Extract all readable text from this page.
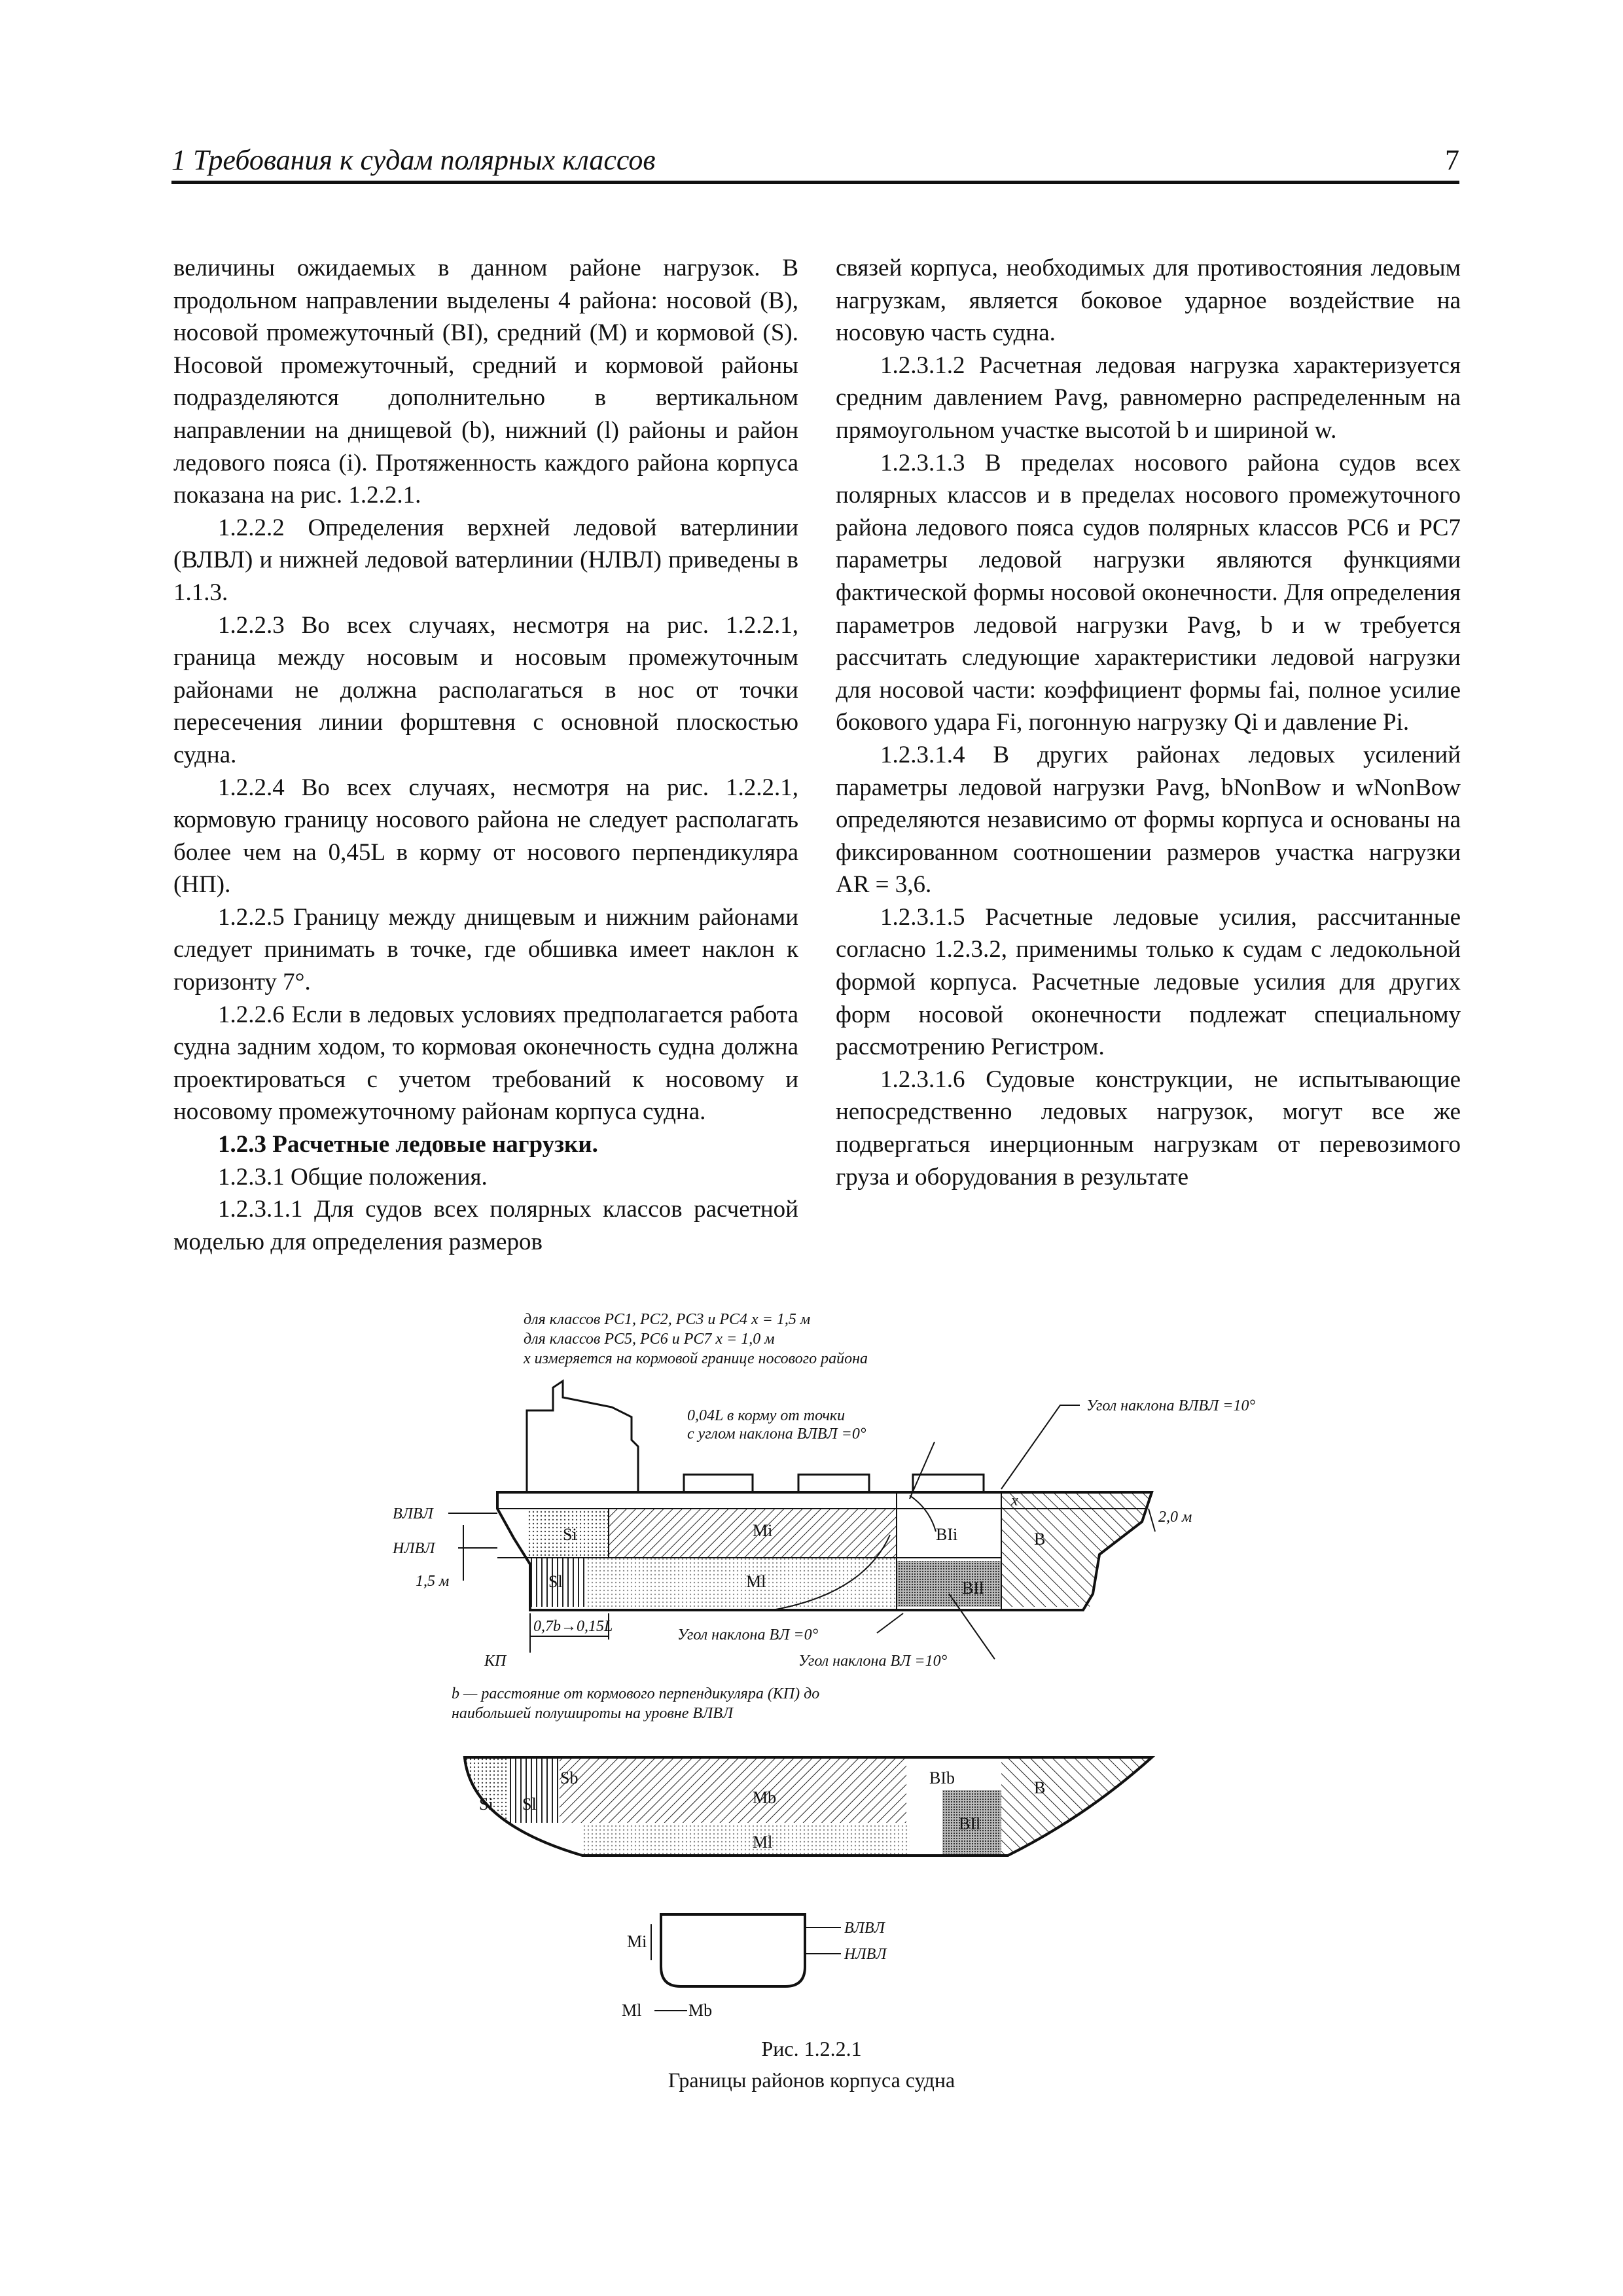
1 Требования к судам полярных классов	7

величины ожидаемых в данном районе нагрузок. В продольном направлении выделены 4 района: носовой (B), носовой промежуточный (BI), средний (M) и кормовой (S). Носовой промежуточный, средний и кормовой районы подразделяются дополнительно в вертикальном направлении на днищевой (b), нижний (l) районы и район ледового пояса (i). Протяженность каждого района корпуса показана на рис. 1.2.2.1.

1.2.2.2 Определения верхней ледовой ватерлинии (ВЛВЛ) и нижней ледовой ватерлинии (НЛВЛ) приведены в 1.1.3.

1.2.2.3 Во всех случаях, несмотря на рис. 1.2.2.1, граница между носовым и носовым промежуточным районами не должна располагаться в нос от точки пересечения линии форштевня с основной плоскостью судна.

1.2.2.4 Во всех случаях, несмотря на рис. 1.2.2.1, кормовую границу носового района не следует располагать более чем на 0,45L в корму от носового перпендикуляра (НП).

1.2.2.5 Границу между днищевым и нижним районами следует принимать в точке, где обшивка имеет наклон к горизонту 7°.

1.2.2.6 Если в ледовых условиях предполагается работа судна задним ходом, то кормовая оконечность судна должна проектироваться с учетом требований к носовому и носовому промежуточному районам корпуса судна.

1.2.3 Расчетные ледовые нагрузки.

1.2.3.1 Общие положения.

1.2.3.1.1 Для судов всех полярных классов расчетной моделью для определения размеров

связей корпуса, необходимых для противостояния ледовым нагрузкам, является боковое ударное воздействие на носовую часть судна.

1.2.3.1.2 Расчетная ледовая нагрузка характеризуется средним давлением Pavg, равномерно распределенным на прямоугольном участке высотой b и шириной w.

1.2.3.1.3 В пределах носового района судов всех полярных классов и в пределах носового промежуточного района ледового пояса судов полярных классов PC6 и PC7 параметры ледовой нагрузки являются функциями фактической формы носовой оконечности. Для определения параметров ледовой нагрузки Pavg, b и w требуется рассчитать следующие характеристики ледовой нагрузки для носовой части: коэффициент формы fai, полное усилие бокового удара Fi, погонную нагрузку Qi и давление Pi.

1.2.3.1.4 В других районах ледовых усилений параметры ледовой нагрузки Pavg, bNonBow и wNonBow определяются независимо от формы корпуса и основаны на фиксированном соотношении размеров участка нагрузки AR = 3,6.

1.2.3.1.5 Расчетные ледовые усилия, рассчитанные согласно 1.2.3.2, применимы только к судам с ледокольной формой корпуса. Расчетные ледовые усилия для других форм носовой оконечности подлежат специальному рассмотрению Регистром.

1.2.3.1.6 Судовые конструкции, не испытывающие непосредственно ледовых нагрузок, могут все же подвергаться инерционным нагрузкам от перевозимого груза и оборудования в результате

для классов PC1, PC2, PC3 и PC4 x = 1,5 м
для классов PC5, PC6 и PC7 x = 1,0 м
x измеряется на кормовой границе носового района
0,04L в корму от точки
с углом наклона ВЛВЛ =0°
Угол наклона ВЛВЛ =10°
Si
Sl
Mi
Ml
BIi
BIl
B
ВЛВЛ
НЛВЛ
1,5 м
2,0 м
x
0,7b→0,15L
КП
Угол наклона ВЛ =0°
Угол наклона ВЛ =10°
b — расстояние от кормового перпендикуляра (КП) до
наибольшей полуширoты на уровне ВЛВЛ
Si Sl
Sb
Mb
Ml
BIb
BIl
B
ВЛВЛ
НЛВЛ
Mi
Ml	Mb
Рис. 1.2.2.1
Границы районов корпуса судна
